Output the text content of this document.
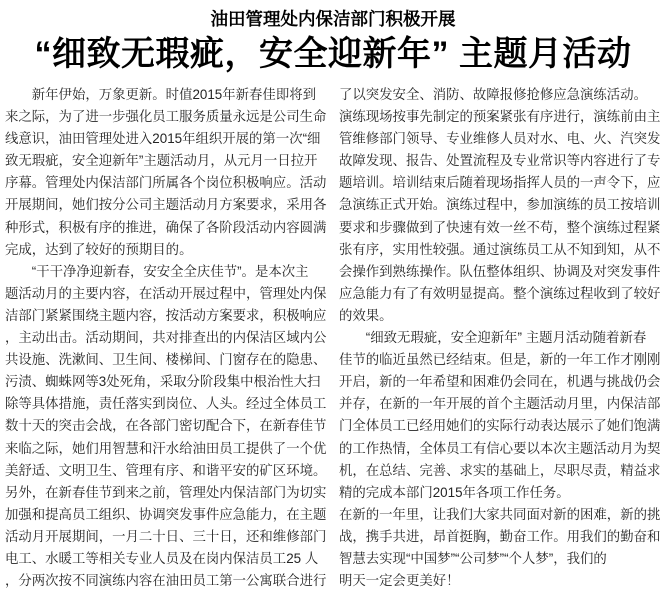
油田管理处内保洁部门积极开展
“细致无瑕疵，安全迎新年” 主题月活动
　　新年伊始，万象更新。时值2015年新春佳即将到
来之际，为了进一步强化员工服务质量永远是公司生命
线意识，油田管理处进入2015年组织开展的第一次“细
致无瑕疵，安全迎新年”主题活动月，从元月一日拉开
序幕。管理处内保洁部门所属各个岗位积极响应。活动
开展期间，她们按分公司主题活动月方案要求，采用各
种形式，积极有序的推进，确保了各阶段活动内容圆满
完成，达到了较好的预期目的。
　　“干干净净迎新春，安安全全庆佳节”。是本次主
题活动月的主要内容，在活动开展过程中，管理处内保
洁部门紧紧围绕主题内容，按活动方案要求，积极响应
，主动出击。活动期间，共对排查出的内保洁区域内公
共设施、洗漱间、卫生间、楼梯间、门窗存在的隐患、
污渍、蜘蛛网等3处死角，采取分阶段集中根治性大扫
除等具体措施，责任落实到岗位、人头。经过全体员工
数十天的突击会战，在各部门密切配合下，在新春佳节
来临之际，她们用智慧和汗水给油田员工提供了一个优
美舒适、文明卫生、管理有序、和谐平安的矿区环境。
另外，在新春佳节到来之前，管理处内保洁部门为切实
加强和提高员工组织、协调突发事件应急能力，在主题
活动月开展期间，一月二十日、三十日，还和维修部门
电工、水暖工等相关专业人员及在岗内保洁员工25 人
，分两次按不同演练内容在油田员工第一公寓联合进行
了以突发安全、消防、故障报修抢修应急演练活动。
演练现场按事先制定的预案紧张有序进行，演练前由主
管维修部门领导、专业维修人员对水、电、火、汽突发
故障发现、报告、处置流程及专业常识等内容进行了专
题培训。培训结束后随着现场指挥人员的一声令下，应
急演练正式开始。演练过程中，参加演练的员工按培训
要求和步骤做到了快速有效一丝不苟，整个演练过程紧
张有序，实用性较强。通过演练员工从不知到知，从不
会操作到熟练操作。队伍整体组织、协调及对突发事件
应急能力有了有效明显提高。整个演练过程收到了较好
的效果。
　　“细致无瑕疵，安全迎新年” 主题月活动随着新春
佳节的临近虽然已经结束。但是，新的一年工作才刚刚
开启，新的一年希望和困难仍会同在，机遇与挑战仍会
并存，在新的一年开展的首个主题活动月里，内保洁部
门全体员工已经用她们的实际行动表达展示了她们饱满
的工作热情，全体员工有信心要以本次主题活动月为契
机，在总结、完善、求实的基础上，尽职尽责，精益求
精的完成本部门2015年各项工作任务。
在新的一年里，让我们大家共同面对新的困难，新的挑
战，携手共进，昂首挺胸，勤奋工作。用我们的勤奋和
智慧去实现“中国梦”“公司梦”“个人梦”，我们的
明天一定会更美好！
